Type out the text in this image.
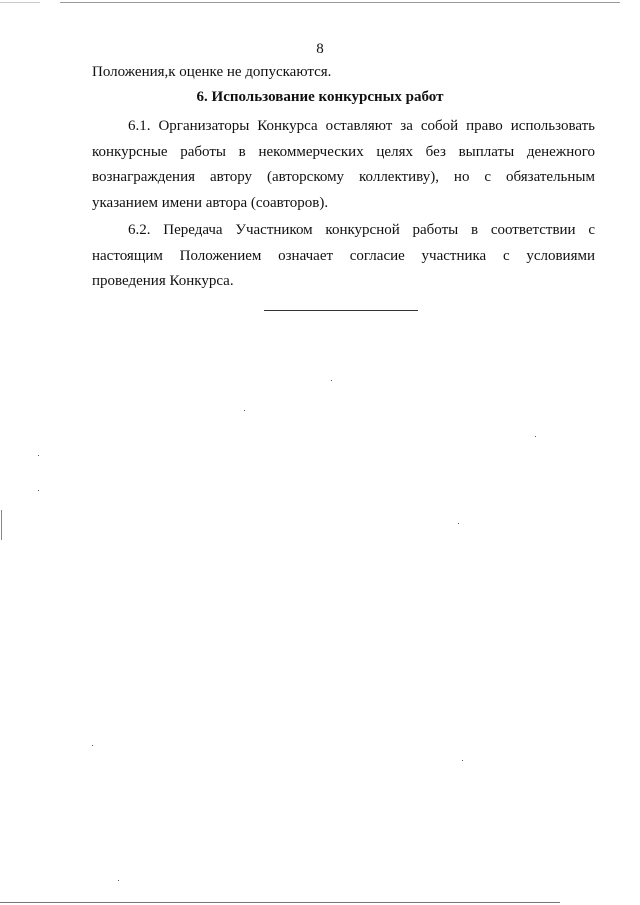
8
Положения,к оценке не допускаются.
6. Использование конкурсных работ
6.1. Организаторы Конкурса оставляют за собой право использовать
конкурсные работы в некоммерческих целях без выплаты денежного
вознаграждения автору (авторскому коллективу), но с обязательным
указанием имени автора (соавторов).
6.2. Передача Участником конкурсной работы в соответствии с
настоящим Положением означает согласие участника с условиями
проведения Конкурса.
